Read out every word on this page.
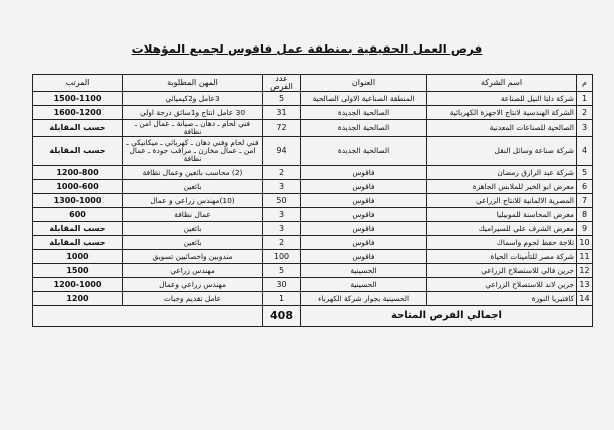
فرص العمل الحقيقية بمنطقة عمل فاقوس لجميع المؤهلات
م	اسم الشركة	العنوان	عدد الفرص	المهن المطلوبة	المرتب
1	شركة دلتا النيل للصناعة	المنطقة الصناعية الاولى الصالحية	5	3عامل و2كيميائي	1500-1100
2	الشركة الهندسية لانتاج الاجهزة الكهربائية	الصالحية الجديدة	31	30 عامل انتاج و1سائق درجة اولي	1600-1200
3	الصالحية للصناعات المعدنية	الصالحية الجديدة	72	فني لحام ـ دهان ـ صيانة ـ عمال امن ـ نظافة	حسب المقابلة
4	شركة صناعة وسائل النقل	الصالحية الجديدة	94	فني لحام وفني دهان ـ كهربائي ـ ميكانيكي ـ امن ـ عمال مخازن ـ مراقب جودة ـ عمال نظافة	حسب المقابلة
5	شركة عبد الرازق رمضان	فاقوس	2	(2) محاسب بائعين وعمال نظافة	1200-800
6	معرض ابو الخير للملابس الجاهزة	فاقوس	3	بائعين	1000-600
7	المصرية الالمانية للانتاج الزراعي	فاقوس	50	(10)مهندس زراعي و عمال	1300-1000
8	معرض المحاسنة للموبيليا	فاقوس	3	عمال نظافة	600
9	معرض الشرف علي للسيراميك	فاقوس	3	بائعين	حسب المقابلة
10	ثلاجة حفظ لحوم واسماك	فاقوس	2	بائعين	حسب المقابلة
11	شركة مصر للتأمينات الحياة	فاقوس	100	مندوبين واخصائيين تسويق	1000
12	جرين فالي للاستصلاح الزراعي	الحسينية	5	مهندس زراعي	1500
13	جرين لاند للاستصلاح الزراعي	الحسينية	30	مهندس زراعي وعمال	1200-1000
14	كافتيريا النورة	الحسينية بجوار شركة الكهرباء	1	عامل تقديم وجبات	1200
اجمالي الفرص المتاحة			408		
